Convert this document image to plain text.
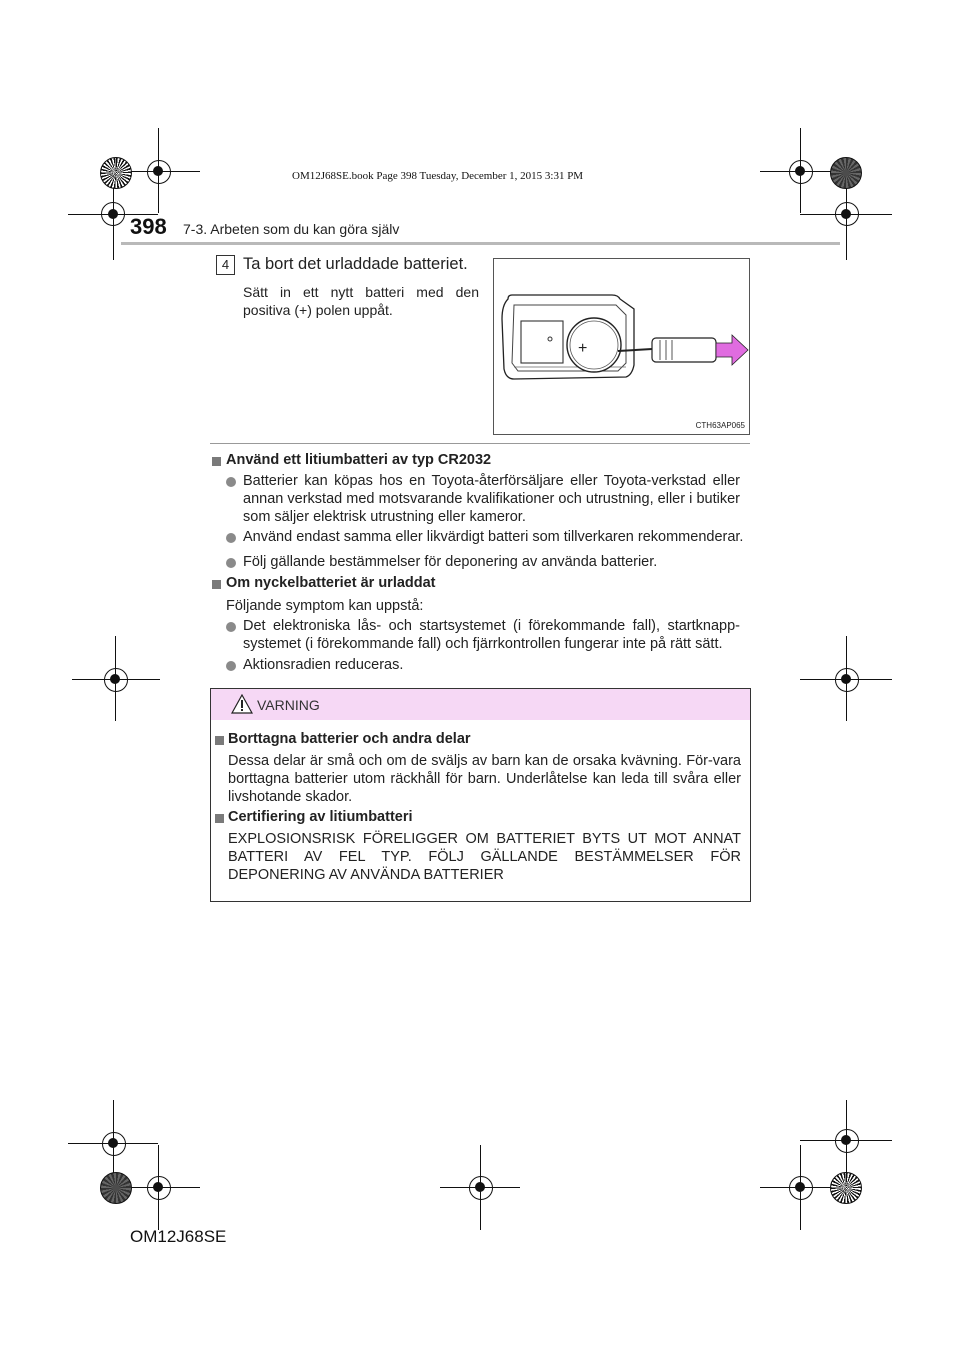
OM12J68SE.book Page 398 Tuesday, December 1, 2015 3:31 PM
398 7-3. Arbeten som du kan göra själv
4 Ta bort det urladdade batteriet.
Sätt in ett nytt batteri med den positiva (+) polen uppåt.
+
CTH63AP065
Använd ett litiumbatteri av typ CR2032
Batterier kan köpas hos en Toyota-återförsäljare eller Toyota-verkstad eller annan verkstad med motsvarande kvalifikationer och utrustning, eller i butiker som säljer elektrisk utrustning eller kameror.
Använd endast samma eller likvärdigt batteri som tillverkaren rekommenderar.
Följ gällande bestämmelser för deponering av använda batterier.
Om nyckelbatteriet är urladdat
Följande symptom kan uppstå:
Det elektroniska lås- och startsystemet (i förekommande fall), startknapp-systemet (i förekommande fall) och fjärrkontrollen fungerar inte på rätt sätt.
Aktionsradien reduceras.
VARNING
Borttagna batterier och andra delar
Dessa delar är små och om de sväljs av barn kan de orsaka kvävning. För-vara borttagna batterier utom räckhåll för barn. Underlåtelse kan leda till svåra eller livshotande skador.
Certifiering av litiumbatteri
EXPLOSIONSRISK FÖRELIGGER OM BATTERIET BYTS UT MOT ANNAT BATTERI AV FEL TYP. FÖLJ GÄLLANDE BESTÄMMELSER FÖR DEPONERING AV ANVÄNDA BATTERIER
OM12J68SE
